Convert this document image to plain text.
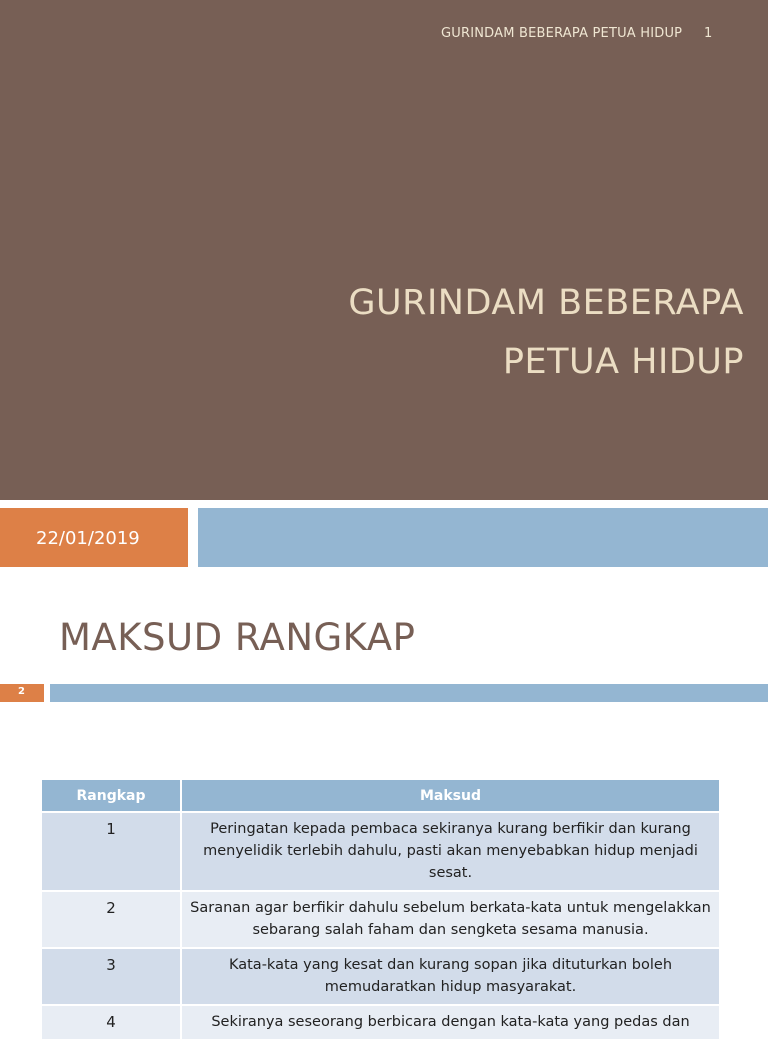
GURINDAM BEBERAPA PETUA HIDUP 1
GURINDAM BEBERAPA
PETUA HIDUP
22/01/2019
MAKSUD RANGKAP
2
Rangkap	Maksud
1	Peringatan kepada pembaca sekiranya kurang berfikir dan kurang menyelidik terlebih dahulu, pasti akan menyebabkan hidup menjadi sesat.
2	Saranan agar berfikir dahulu sebelum berkata-kata untuk mengelakkan sebarang salah faham dan sengketa sesama manusia.
3	Kata-kata yang kesat dan kurang sopan jika dituturkan boleh memudaratkan hidup masyarakat.
4	Sekiranya seseorang berbicara dengan kata-kata yang pedas dan
